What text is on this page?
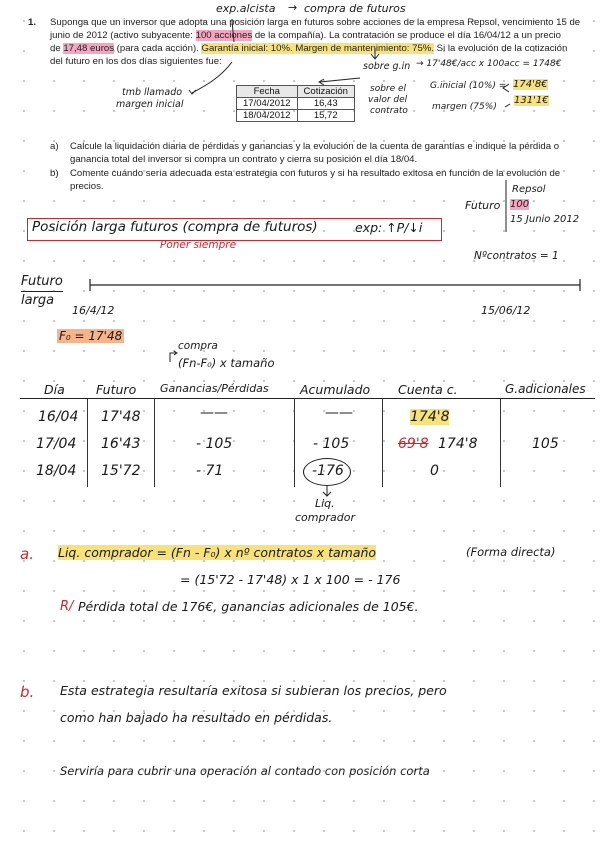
1. Suponga que un inversor que adopta una posición larga en futuros sobre acciones de la empresa Repsol, vencimiento 15 de
junio de 2012 (activo subyacente: 100 acciones de la compañía). La contratación se produce el día 16/04/12 a un precio
de 17,48 euros (para cada acción). Garantía inicial: 10%. Margen de mantenimiento: 75%. Si la evolución de la cotización
del futuro en los dos días siguientes fue:
Fecha	Cotización
17/04/2012	16,43
18/04/2012	15,72
a) Calcule la liquidación diaria de pérdidas y ganancias y la evolución de la cuenta de garantías e indique la pérdida o
ganancia total del inversor si compra un contrato y cierra su posición el día 18/04.
b) Comente cuándo sería adecuada esta estrategia con futuros y si ha resultado exitosa en función de la evolución de
precios.
exp.alcista → compra de futuros
sobre g.in → 17'48€/acc x 100acc = 1748€
tmb llamado
margen inicial
sobre el
valor del
contrato
G.inicial (10%) = 174'8€
margen (75%)
131'1€
Repsol
Futuro 100
15 Junio 2012
Posición larga futuros (compra de futuros)	exp: ↑P/↓i
Poner siempre
Nºcontratos = 1
Futuro
larga
16/4/12	15/06/12
F₀ = 17'48
compra
(Fn-F₀) x tamaño
Día Futuro Ganancias/Pérdidas	Acumulado Cuenta c.	G.adicionales
16/04 17'48	——	——	174'8
17/04 16'43	- 105	- 105	69'8 174'8	105
18/04 15'72	- 71	-176	0
Liq.
comprador
a. Liq. comprador = (Fn - F₀) x nº contratos x tamaño	(Forma directa)
= (15'72 - 17'48) x 1 x 100 = - 176
R/ Pérdida total de 176€, ganancias adicionales de 105€.
b. Esta estrategia resultaría exitosa si subieran los precios, pero
como han bajado ha resultado en pérdidas.
Serviría para cubrir una operación al contado con posición corta
